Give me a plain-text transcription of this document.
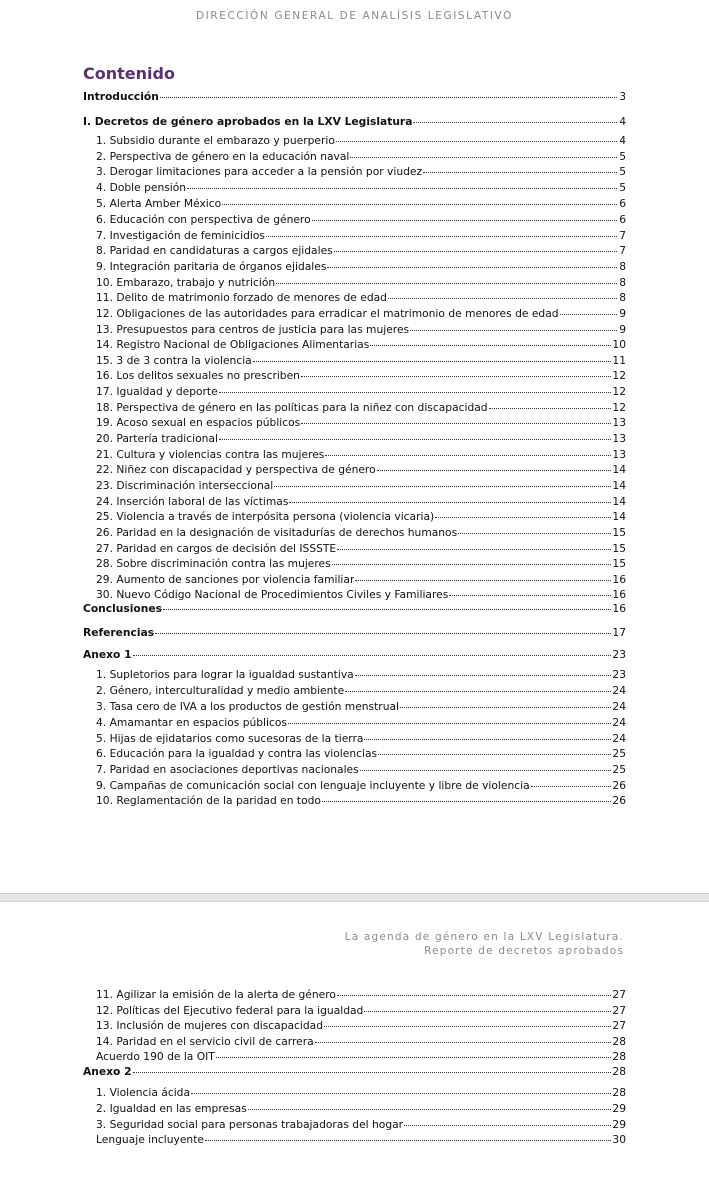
DIRECCIÓN GENERAL DE ANALÍSIS LEGISLATIVO
Contenido
Introducción	3
I. Decretos de género aprobados en la LXV Legislatura	4
1. Subsidio durante el embarazo y puerperio	4
2. Perspectiva de género en la educación naval	5
3. Derogar limitaciones para acceder a la pensión por viudez	5
4. Doble pensión	5
5. Alerta Amber México	6
6. Educación con perspectiva de género	6
7. Investigación de feminicidios	7
8. Paridad en candidaturas a cargos ejidales	7
9. Integración paritaria de órganos ejidales	8
10. Embarazo, trabajo y nutrición	8
11. Delito de matrimonio forzado de menores de edad	8
12. Obligaciones de las autoridades para erradicar el matrimonio de menores de edad	9
13. Presupuestos para centros de justicia para las mujeres	9
14. Registro Nacional de Obligaciones Alimentarias	10
15. 3 de 3 contra la violencia	11
16. Los delitos sexuales no prescriben	12
17. Igualdad y deporte	12
18. Perspectiva de género en las políticas para la niñez con discapacidad	12
19. Acoso sexual en espacios públicos	13
20. Partería tradicional	13
21. Cultura y violencias contra las mujeres	13
22. Niñez con discapacidad y perspectiva de género	14
23. Discriminación interseccional	14
24. Inserción laboral de las víctimas	14
25. Violencia a través de interpósita persona (violencia vicaria)	14
26. Paridad en la designación de visitadurías de derechos humanos	15
27. Paridad en cargos de decisión del ISSSTE	15
28. Sobre discriminación contra las mujeres	15
29. Aumento de sanciones por violencia familiar	16
30. Nuevo Código Nacional de Procedimientos Civiles y Familiares	16
Conclusiones	16
Referencias	17
Anexo 1	23
1. Supletorios para lograr la igualdad sustantiva	23
2. Género, interculturalidad y medio ambiente	24
3. Tasa cero de IVA a los productos de gestión menstrual	24
4. Amamantar en espacios públicos	24
5. Hijas de ejidatarios como sucesoras de la tierra	24
6. Educación para la igualdad y contra las violencias	25
7. Paridad en asociaciones deportivas nacionales	25
9. Campañas de comunicación social con lenguaje incluyente y libre de violencia	26
10. Reglamentación de la paridad en todo	26
La agenda de género en la LXV Legislatura.
Reporte de decretos aprobados
11. Agilizar la emisión de la alerta de género	27
12. Políticas del Ejecutivo federal para la igualdad	27
13. Inclusión de mujeres con discapacidad	27
14. Paridad en el servicio civil de carrera	28
Acuerdo 190 de la OIT	28
Anexo 2	28
1. Violencia ácida	28
2. Igualdad en las empresas	29
3. Seguridad social para personas trabajadoras del hogar	29
Lenguaje incluyente	30
